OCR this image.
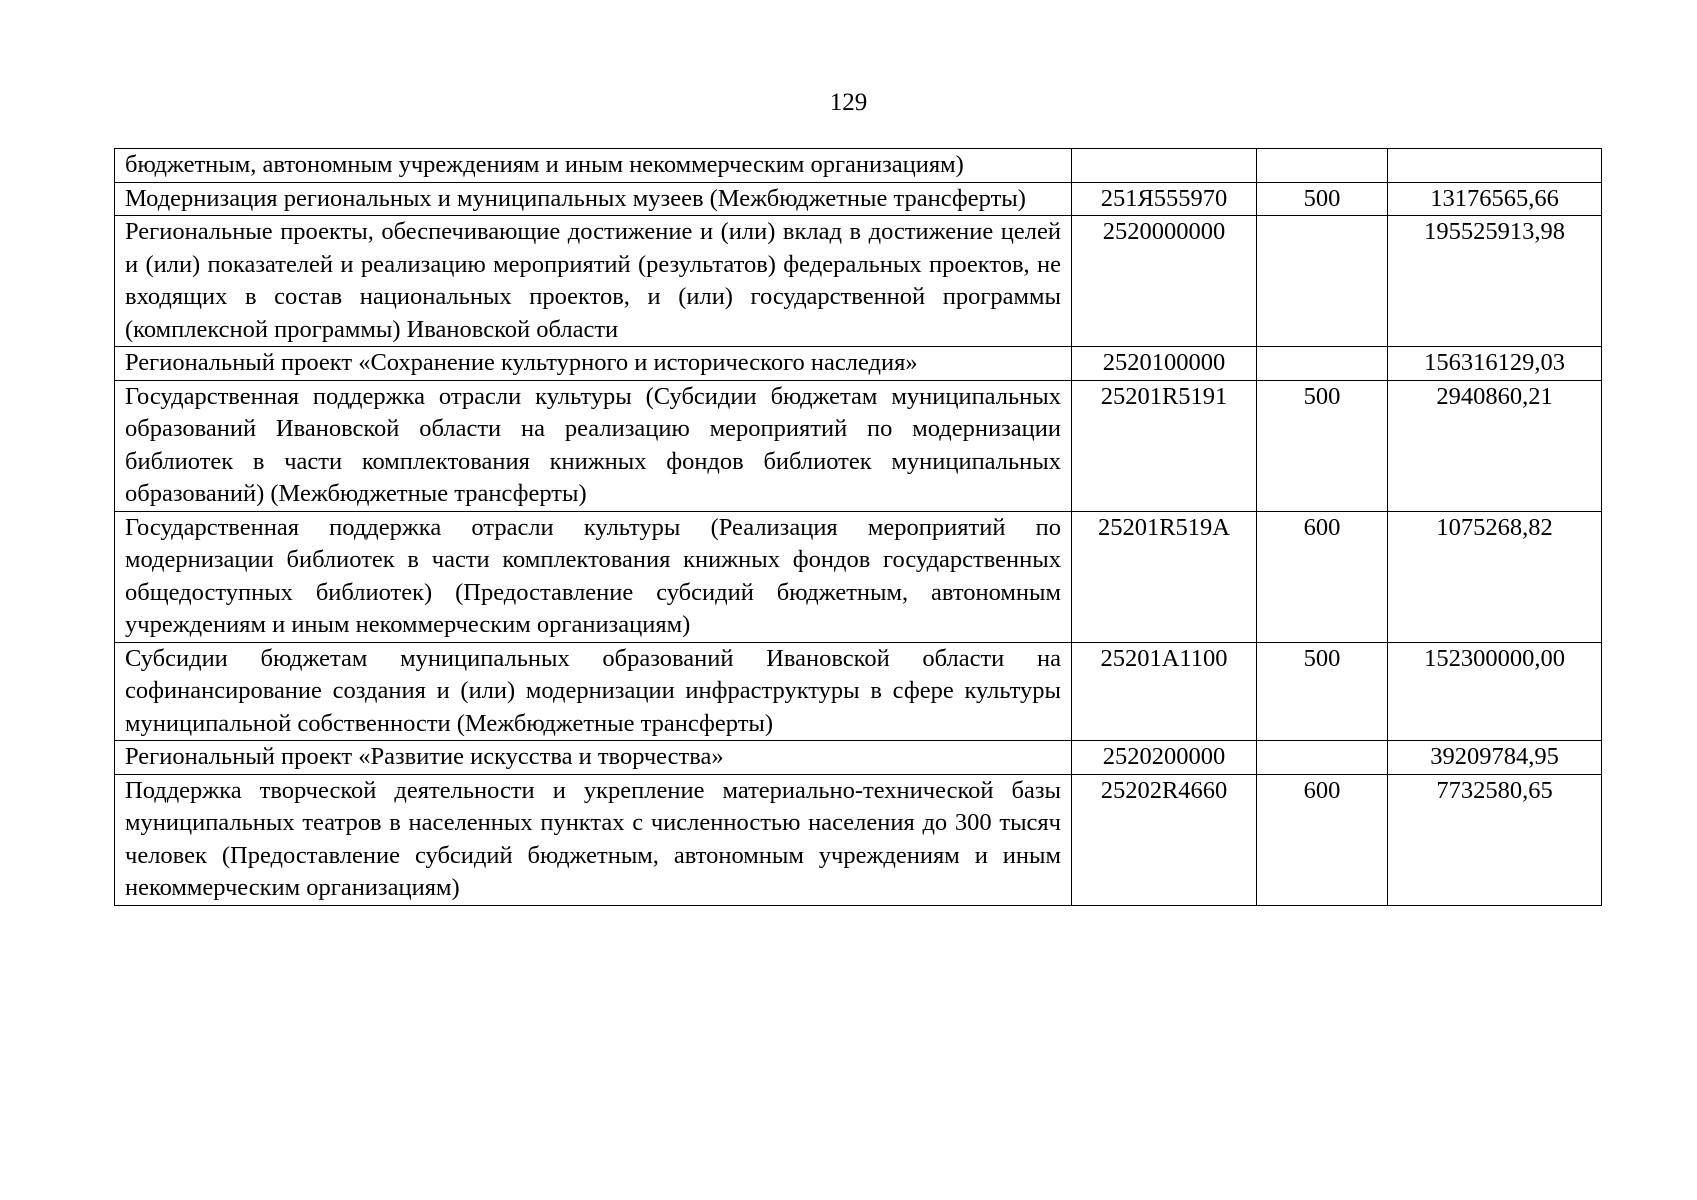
129
бюджетным, автономным учреждениям и иным некоммерческим организациям)			
Модернизация региональных и муниципальных музеев (Межбюджетные трансферты)	251Я555970	500	13176565,66
Региональные проекты, обеспечивающие достижение и (или) вклад в достижение целей и (или) показателей и реализацию мероприятий (результатов) федеральных проектов, не входящих в состав национальных проектов, и (или) государственной программы (комплексной программы) Ивановской области	2520000000		195525913,98
Региональный проект «Сохранение культурного и исторического наследия»	2520100000		156316129,03
Государственная поддержка отрасли культуры (Субсидии бюджетам муниципальных образований Ивановской области на реализацию мероприятий по модернизации библиотек в части комплектования книжных фондов библиотек муниципальных образований) (Межбюджетные трансферты)	25201R5191	500	2940860,21
Государственная поддержка отрасли культуры (Реализация мероприятий по модернизации библиотек в части комплектования книжных фондов государственных общедоступных библиотек) (Предоставление субсидий бюджетным, автономным учреждениям и иным некоммерческим организациям)	25201R519A	600	1075268,82
Субсидии бюджетам муниципальных образований Ивановской области на софинансирование создания и (или) модернизации инфраструктуры в сфере культуры муниципальной собственности (Межбюджетные трансферты)	25201A1100	500	152300000,00
Региональный проект «Развитие искусства и творчества»	2520200000		39209784,95
Поддержка творческой деятельности и укрепление материально-технической базы муниципальных театров в населенных пунктах с численностью населения до 300 тысяч человек (Предоставление субсидий бюджетным, автономным учреждениям и иным некоммерческим организациям)	25202R4660	600	7732580,65
